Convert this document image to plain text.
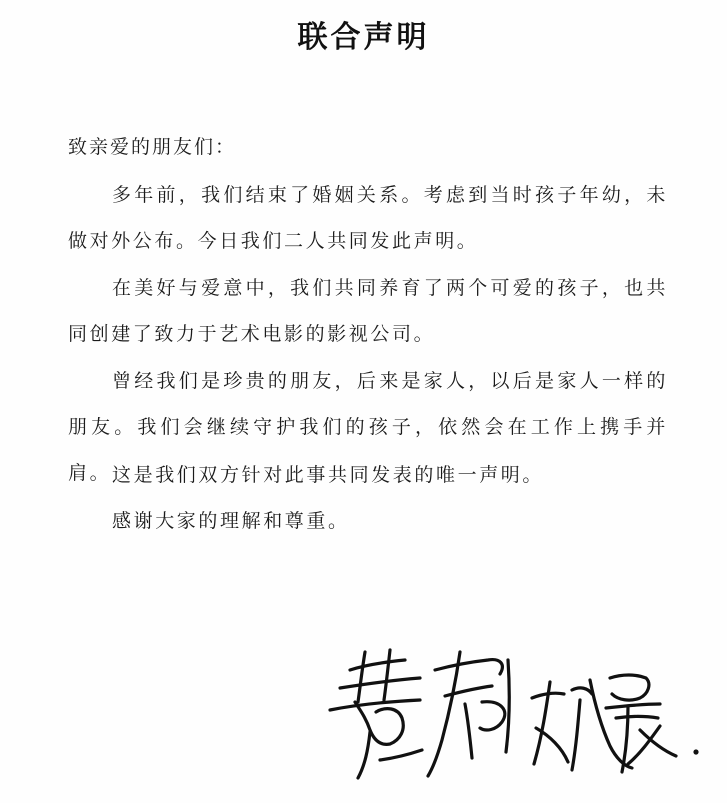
联合声明
致亲爱的朋友们：

多年前，我们结束了婚姻关系。考虑到当时孩子年幼，未做对外公布。今日我们二人共同发此声明。

在美好与爱意中，我们共同养育了两个可爱的孩子，也共同创建了致力于艺术电影的影视公司。

曾经我们是珍贵的朋友，后来是家人，以后是家人一样的朋友。我们会继续守护我们的孩子，依然会在工作上携手并肩。 这是我们双方针对此事共同发表的唯一声明。

感谢大家的理解和尊重。
